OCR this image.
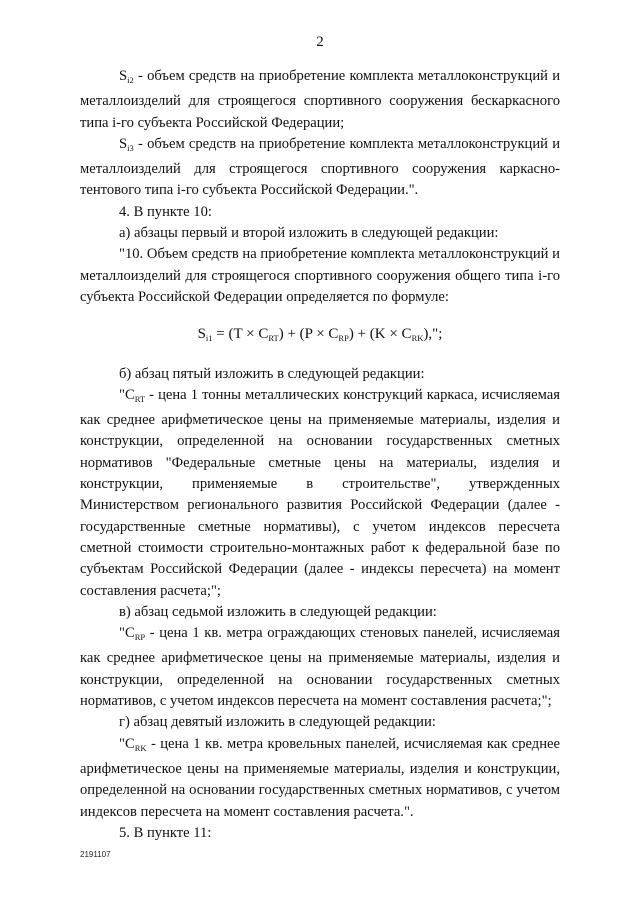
2

$S_{i2}$ - объем средств на приобретение комплекта металлоконструкций и металлоизделий для строящегося спортивного сооружения бескаркасного типа i-го субъекта Российской Федерации;

$S_{i3}$ - объем средств на приобретение комплекта металлоконструкций и металлоизделий для строящегося спортивного сооружения каркасно-тентового типа i-го субъекта Российской Федерации.".

4. В пункте 10:

а) абзацы первый и второй изложить в следующей редакции:

"10. Объем средств на приобретение комплекта металлоконструкций и металлоизделий для строящегося спортивного сооружения общего типа i-го субъекта Российской Федерации определяется по формуле:

$S_{i1} = (T \times C_{RT}) + (P \times C_{RP}) + (K \times C_{RK})$,";

б) абзац пятый изложить в следующей редакции:

"$C_{RT}$ - цена 1 тонны металлических конструкций каркаса, исчисляемая как среднее арифметическое цены на применяемые материалы, изделия и конструкции, определенной на основании государственных сметных нормативов "Федеральные сметные цены на материалы, изделия и конструкции, применяемые в строительстве", утвержденных Министерством регионального развития Российской Федерации (далее - государственные сметные нормативы), с учетом индексов пересчета сметной стоимости строительно-монтажных работ к федеральной базе по субъектам Российской Федерации (далее - индексы пересчета) на момент составления расчета;";

в) абзац седьмой изложить в следующей редакции:

"$C_{RP}$ - цена 1 кв. метра ограждающих стеновых панелей, исчисляемая как среднее арифметическое цены на применяемые материалы, изделия и конструкции, определенной на основании государственных сметных нормативов, с учетом индексов пересчета на момент составления расчета;";

г) абзац девятый изложить в следующей редакции:

"$C_{RK}$ - цена 1 кв. метра кровельных панелей, исчисляемая как среднее арифметическое цены на применяемые материалы, изделия и конструкции, определенной на основании государственных сметных нормативов, с учетом индексов пересчета на момент составления расчета.".

5. В пункте 11:

2191107
